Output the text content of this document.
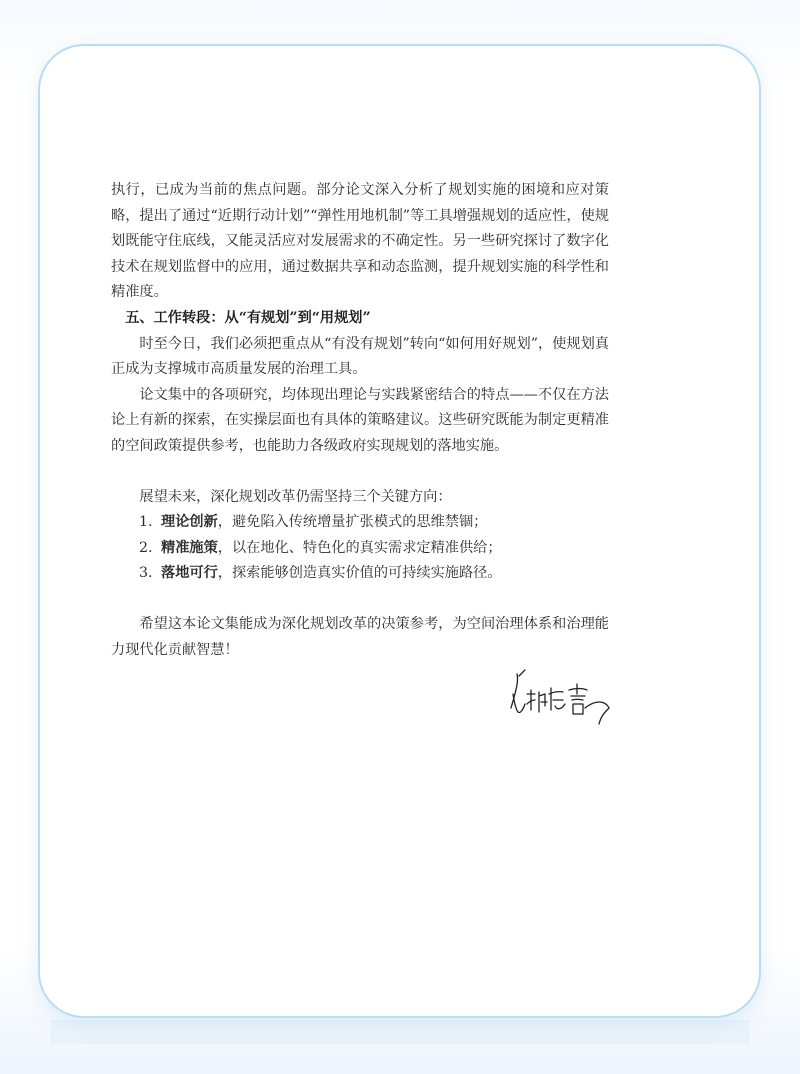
执行，已成为当前的焦点问题。部分论文深入分析了规划实施的困境和应对策略，提出了通过“近期行动计划”“弹性用地机制”等工具增强规划的适应性，使规划既能守住底线，又能灵活应对发展需求的不确定性。另一些研究探讨了数字化技术在规划监督中的应用，通过数据共享和动态监测，提升规划实施的科学性和精准度。

五、工作转段：从“有规划”到“用规划”

时至今日，我们必须把重点从“有没有规划”转向“如何用好规划”，使规划真正成为支撑城市高质量发展的治理工具。

论文集中的各项研究，均体现出理论与实践紧密结合的特点——不仅在方法论上有新的探索，在实操层面也有具体的策略建议。这些研究既能为制定更精准的空间政策提供参考，也能助力各级政府实现规划的落地实施。

展望未来，深化规划改革仍需坚持三个关键方向：

1. 理论创新，避免陷入传统增量扩张模式的思维禁锢；
2. 精准施策，以在地化、特色化的真实需求定精准供给；
3. 落地可行，探索能够创造真实价值的可持续实施路径。

希望这本论文集能成为深化规划改革的决策参考，为空间治理体系和治理能力现代化贡献智慧！
